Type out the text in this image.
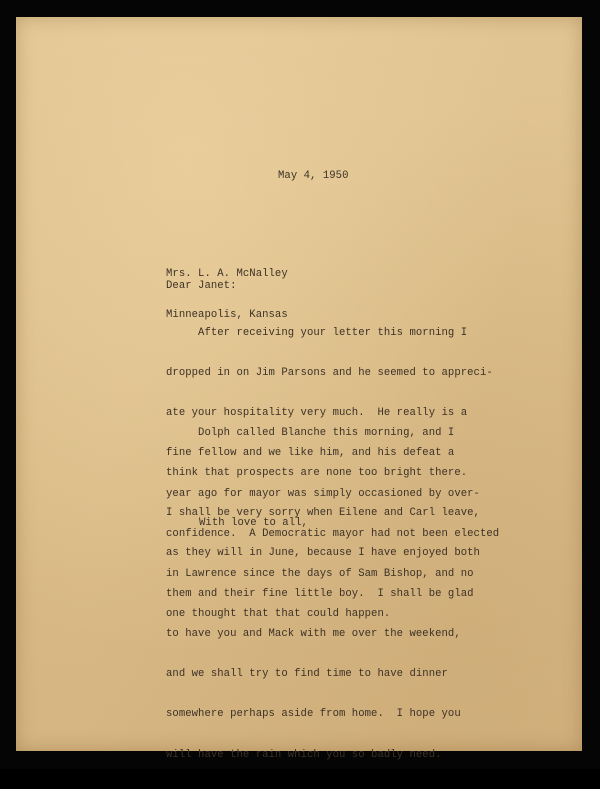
May 4, 1950

Mrs. L. A. McNalley

Minneapolis, Kansas

Dear Janet:

After receiving your letter this morning I

dropped in on Jim Parsons and he seemed to appreci-

ate your hospitality very much.  He really is a

fine fellow and we like him, and his defeat a

year ago for mayor was simply occasioned by over-

confidence.  A Democratic mayor had not been elected

in Lawrence since the days of Sam Bishop, and no

one thought that that could happen.

Dolph called Blanche this morning, and I

think that prospects are none too bright there.

I shall be very sorry when Eilene and Carl leave,

as they will in June, because I have enjoyed both

them and their fine little boy.  I shall be glad

to have you and Mack with me over the weekend,

and we shall try to find time to have dinner

somewhere perhaps aside from home.  I hope you

will have the rain which you so badly need.

With love to all,
